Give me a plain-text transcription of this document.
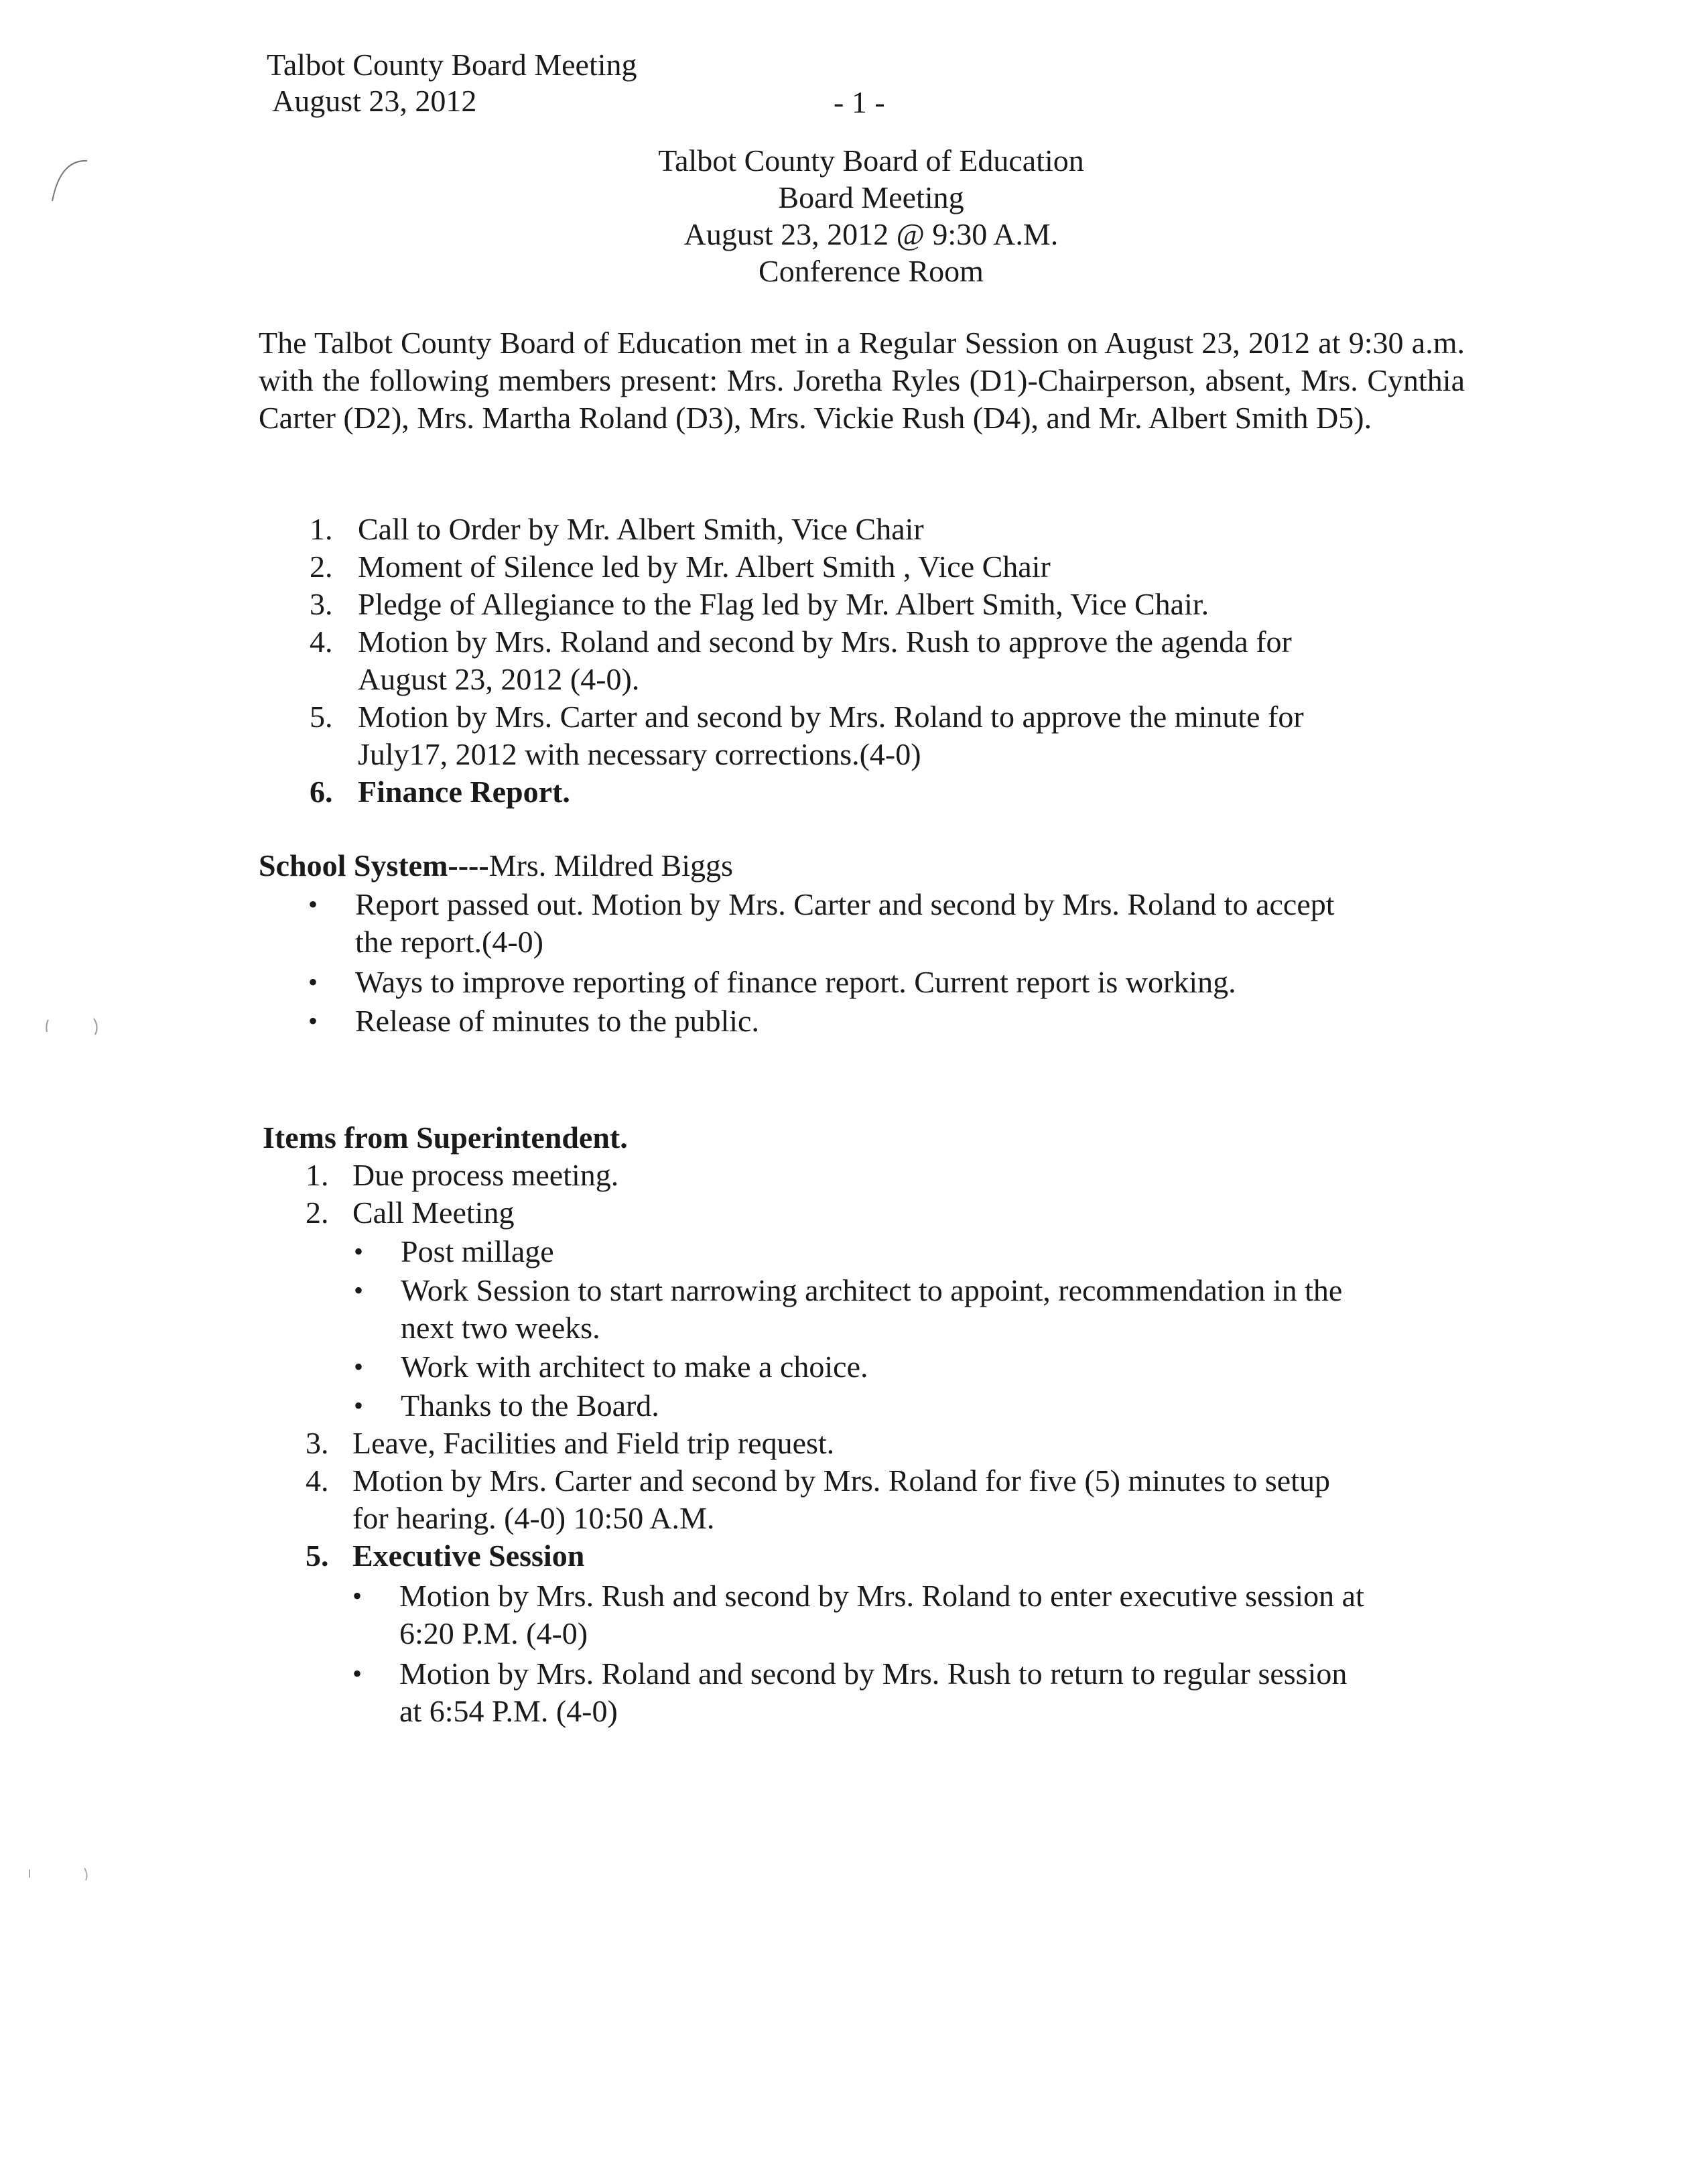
Talbot County Board Meeting
August 23, 2012	- 1 -
Talbot County Board of Education
Board Meeting
August 23, 2012 @ 9:30 A.M.
Conference Room
The Talbot County Board of Education met in a Regular Session on August 23, 2012 at 9:30 a.m. with the following members present: Mrs. Joretha Ryles (D1)-Chairperson, absent, Mrs. Cynthia Carter (D2), Mrs. Martha Roland (D3), Mrs. Vickie Rush (D4), and Mr. Albert Smith D5).
1. Call to Order by Mr. Albert Smith, Vice Chair
2. Moment of Silence led by Mr. Albert Smith , Vice Chair
3. Pledge of Allegiance to the Flag led by Mr. Albert Smith, Vice Chair.
4. Motion by Mrs. Roland and second by Mrs. Rush to approve the agenda for
August 23, 2012 (4-0).
5. Motion by Mrs. Carter and second by Mrs. Roland to approve the minute for
July17, 2012 with necessary corrections.(4-0)
6. Finance Report.
School System----Mrs. Mildred Biggs
• Report passed out. Motion by Mrs. Carter and second by Mrs. Roland to accept
the report.(4-0)
• Ways to improve reporting of finance report. Current report is working.
• Release of minutes to the public.
Items from Superintendent.
1. Due process meeting.
2. Call Meeting
• Post millage
• Work Session to start narrowing architect to appoint, recommendation in the
next two weeks.
• Work with architect to make a choice.
• Thanks to the Board.
3. Leave, Facilities and Field trip request.
4. Motion by Mrs. Carter and second by Mrs. Roland for five (5) minutes to setup
for hearing. (4-0) 10:50 A.M.
5. Executive Session
• Motion by Mrs. Rush and second by Mrs. Roland to enter executive session at
6:20 P.M. (4-0)
• Motion by Mrs. Roland and second by Mrs. Rush to return to regular session
at 6:54 P.M. (4-0)
